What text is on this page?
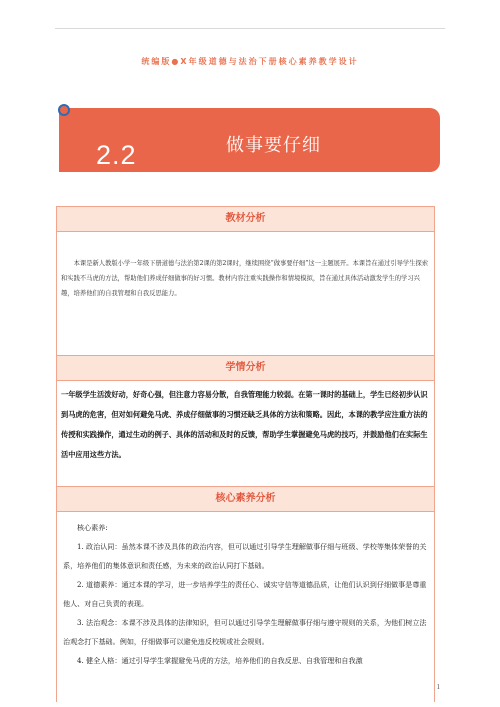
统编版●X年级道德与法治下册核心素养教学设计
2.2	做事要仔细
教材分析

本课是新人教版小学一年级下册道德与法治第2课的第2课时，继续围绕“做事要仔细”这一主题展开。本课旨在通过引导学生探索和实践不马虎的方法，帮助他们养成仔细做事的好习惯。教材内容注重实践操作和情境模拟，旨在通过具体活动激发学生的学习兴趣，培养他们的自我管理和自我反思能力。

学情分析

一年级学生活泼好动，好奇心强，但注意力容易分散，自我管理能力较弱。在第一课时的基础上，学生已经初步认识到马虎的危害，但对如何避免马虎、养成仔细做事的习惯还缺乏具体的方法和策略。因此，本课的教学应注重方法的传授和实践操作，通过生动的例子、具体的活动和及时的反馈，帮助学生掌握避免马虎的技巧，并鼓励他们在实际生活中应用这些方法。

核心素养分析
核心素养:

1. 政治认同：虽然本课不涉及具体的政治内容，但可以通过引导学生理解做事仔细与班级、学校等集体荣誉的关系，培养他们的集体意识和责任感，为未来的政治认同打下基础。

2. 道德素养：通过本课的学习，进一步培养学生的责任心、诚实守信等道德品质，让他们认识到仔细做事是尊重他人、对自己负责的表现。

3. 法治观念：本课不涉及具体的法律知识，但可以通过引导学生理解做事仔细与遵守规则的关系，为他们树立法治观念打下基础。例如，仔细做事可以避免违反校规或社会规则。

4. 健全人格：通过引导学生掌握避免马虎的方法，培养他们的自我反思、自我管理和自我激

1
